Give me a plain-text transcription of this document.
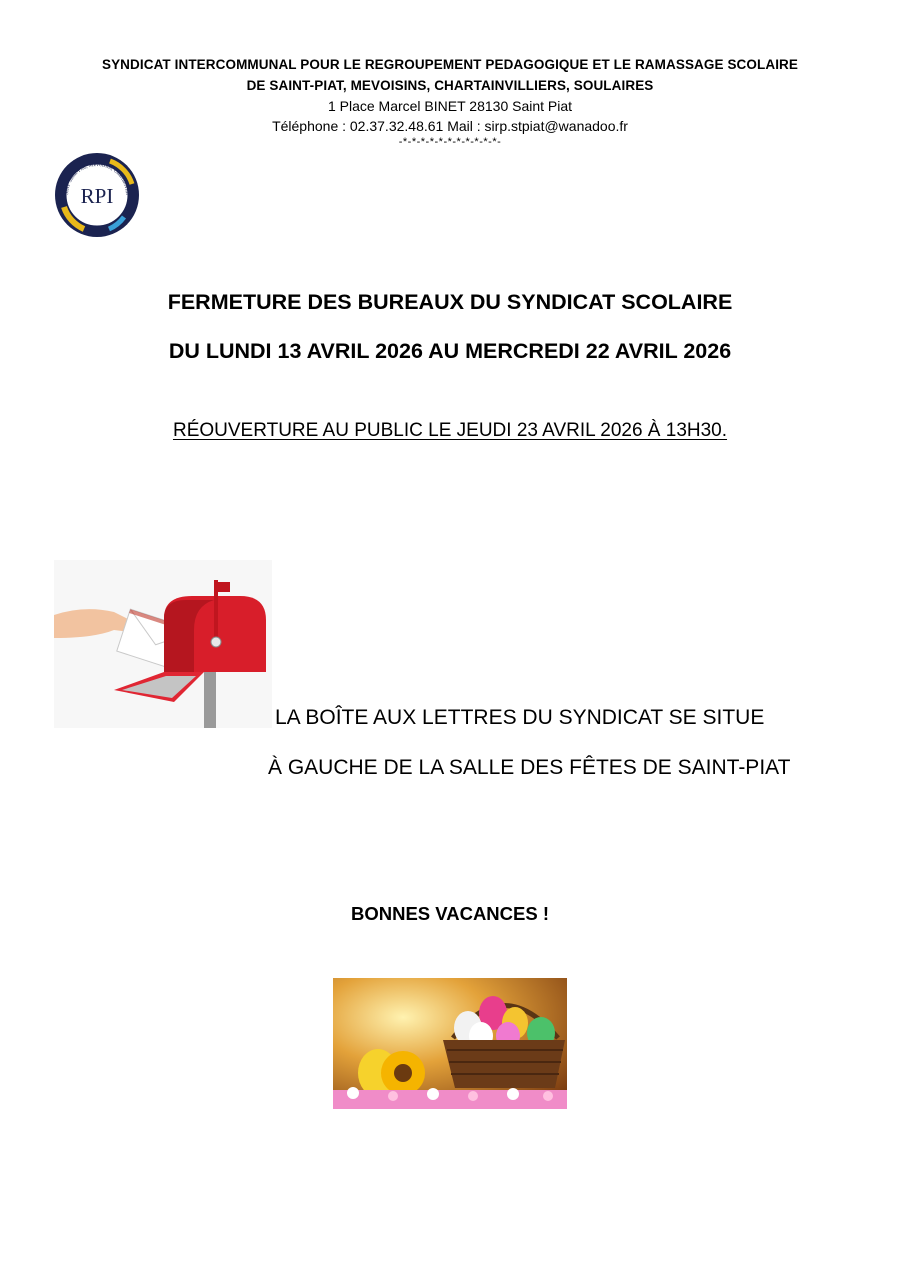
SYNDICAT INTERCOMMUNAL POUR LE REGROUPEMENT PEDAGOGIQUE ET LE RAMASSAGE SCOLAIRE
DE SAINT-PIAT, MEVOISINS, CHARTAINVILLIERS, SOULAIRES
1 Place Marcel BINET 28130 Saint Piat
Téléphone : 02.37.32.48.61 Mail : sirp.stpiat@wanadoo.fr
-*-*-*-*-*-*-*-*-*-*-*-
SIRP Saint-Piat, Mévoisins, Chartainvilli
RPI
FERMETURE DES BUREAUX DU SYNDICAT SCOLAIRE
DU LUNDI 13 AVRIL 2026 AU MERCREDI 22 AVRIL 2026
RÉOUVERTURE AU PUBLIC LE JEUDI 23 AVRIL 2026 À 13H30.
LA BOÎTE AUX LETTRES DU SYNDICAT SE SITUE
À GAUCHE DE LA SALLE DES FÊTES DE SAINT-PIAT
BONNES VACANCES !
